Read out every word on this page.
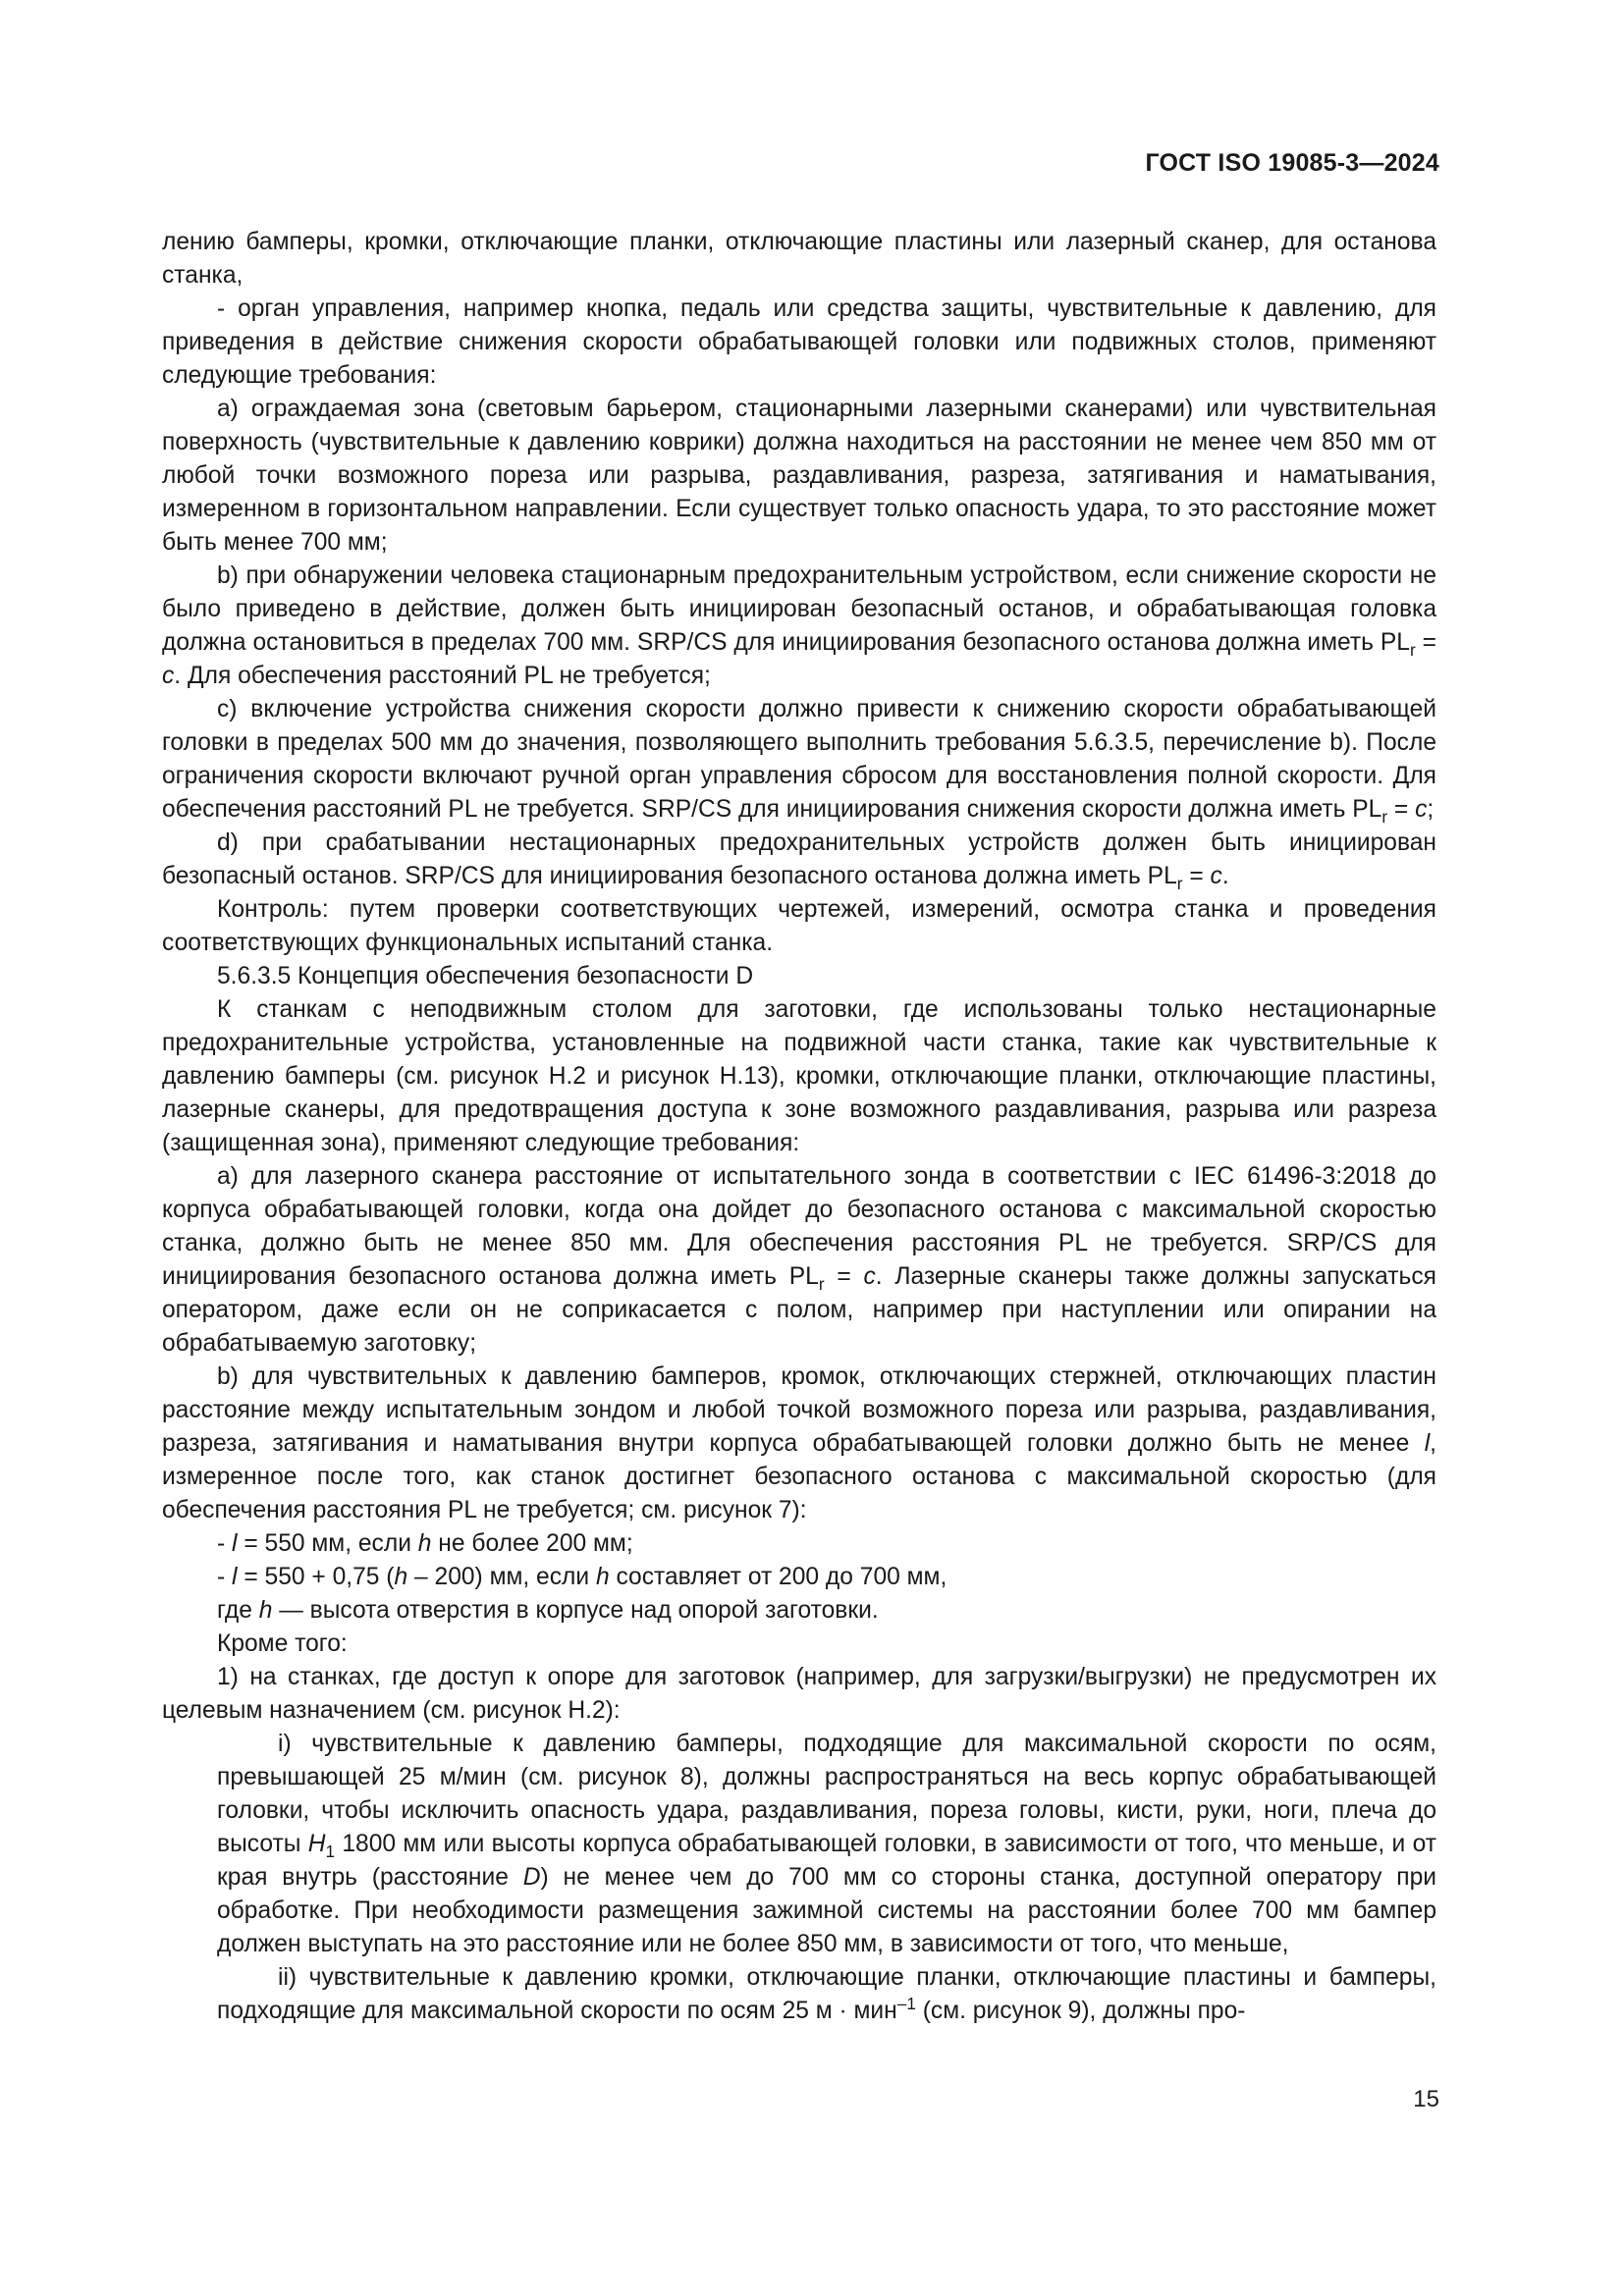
ГОСТ ISO 19085-3—2024

лению бамперы, кромки, отключающие планки, отключающие пластины или лазерный сканер, для останова станка,

- орган управления, например кнопка, педаль или средства защиты, чувствительные к давлению, для приведения в действие снижения скорости обрабатывающей головки или подвижных столов, применяют следующие требования:

а) ограждаемая зона (световым барьером, стационарными лазерными сканерами) или чувствительная поверхность (чувствительные к давлению коврики) должна находиться на расстоянии не менее чем 850 мм от любой точки возможного пореза или разрыва, раздавливания, разреза, затягивания и наматывания, измеренном в горизонтальном направлении. Если существует только опасность удара, то это расстояние может быть менее 700 мм;

b) при обнаружении человека стационарным предохранительным устройством, если снижение скорости не было приведено в действие, должен быть инициирован безопасный останов, и обрабатывающая головка должна остановиться в пределах 700 мм. SRP/CS для инициирования безопасного останова должна иметь $PL_r = c$. Для обеспечения расстояний PL не требуется;

c) включение устройства снижения скорости должно привести к снижению скорости обрабатывающей головки в пределах 500 мм до значения, позволяющего выполнить требования 5.6.3.5, перечисление b). После ограничения скорости включают ручной орган управления сбросом для восстановления полной скорости. Для обеспечения расстояний PL не требуется. SRP/CS для инициирования снижения скорости должна иметь $PL_r = c$;

d) при срабатывании нестационарных предохранительных устройств должен быть инициирован безопасный останов. SRP/CS для инициирования безопасного останова должна иметь $PL_r = c$.

Контроль: путем проверки соответствующих чертежей, измерений, осмотра станка и проведения соответствующих функциональных испытаний станка.

5.6.3.5 Концепция обеспечения безопасности D

К станкам с неподвижным столом для заготовки, где использованы только нестационарные предохранительные устройства, установленные на подвижной части станка, такие как чувствительные к давлению бамперы (см. рисунок Н.2 и рисунок Н.13), кромки, отключающие планки, отключающие пластины, лазерные сканеры, для предотвращения доступа к зоне возможного раздавливания, разрыва или разреза (защищенная зона), применяют следующие требования:

а) для лазерного сканера расстояние от испытательного зонда в соответствии с IEC 61496-3:2018 до корпуса обрабатывающей головки, когда она дойдет до безопасного останова с максимальной скоростью станка, должно быть не менее 850 мм. Для обеспечения расстояния PL не требуется. SRP/CS для инициирования безопасного останова должна иметь $PL_r = c$. Лазерные сканеры также должны запускаться оператором, даже если он не соприкасается с полом, например при наступлении или опирании на обрабатываемую заготовку;

b) для чувствительных к давлению бамперов, кромок, отключающих стержней, отключающих пластин расстояние между испытательным зондом и любой точкой возможного пореза или разрыва, раздавливания, разреза, затягивания и наматывания внутри корпуса обрабатывающей головки должно быть не менее l, измеренное после того, как станок достигнет безопасного останова с максимальной скоростью (для обеспечения расстояния PL не требуется; см. рисунок 7):

- l = 550 мм, если h не более 200 мм;

- l = 550 + 0,75 (h – 200) мм, если h составляет от 200 до 700 мм,

где h — высота отверстия в корпусе над опорой заготовки.

Кроме того:

1) на станках, где доступ к опоре для заготовок (например, для загрузки/выгрузки) не предусмотрен их целевым назначением (см. рисунок Н.2):

i) чувствительные к давлению бамперы, подходящие для максимальной скорости по осям, превышающей 25 м/мин (см. рисунок 8), должны распространяться на весь корпус обрабатывающей головки, чтобы исключить опасность удара, раздавливания, пореза головы, кисти, руки, ноги, плеча до высоты $H_1$ 1800 мм или высоты корпуса обрабатывающей головки, в зависимости от того, что меньше, и от края внутрь (расстояние D) не менее чем до 700 мм со стороны станка, доступной оператору при обработке. При необходимости размещения зажимной системы на расстоянии более 700 мм бампер должен выступать на это расстояние или не более 850 мм, в зависимости от того, что меньше,

ii) чувствительные к давлению кромки, отключающие планки, отключающие пластины и бамперы, подходящие для максимальной скорости по осям 25 м · мин$^{-1}$ (см. рисунок 9), должны про-

15
